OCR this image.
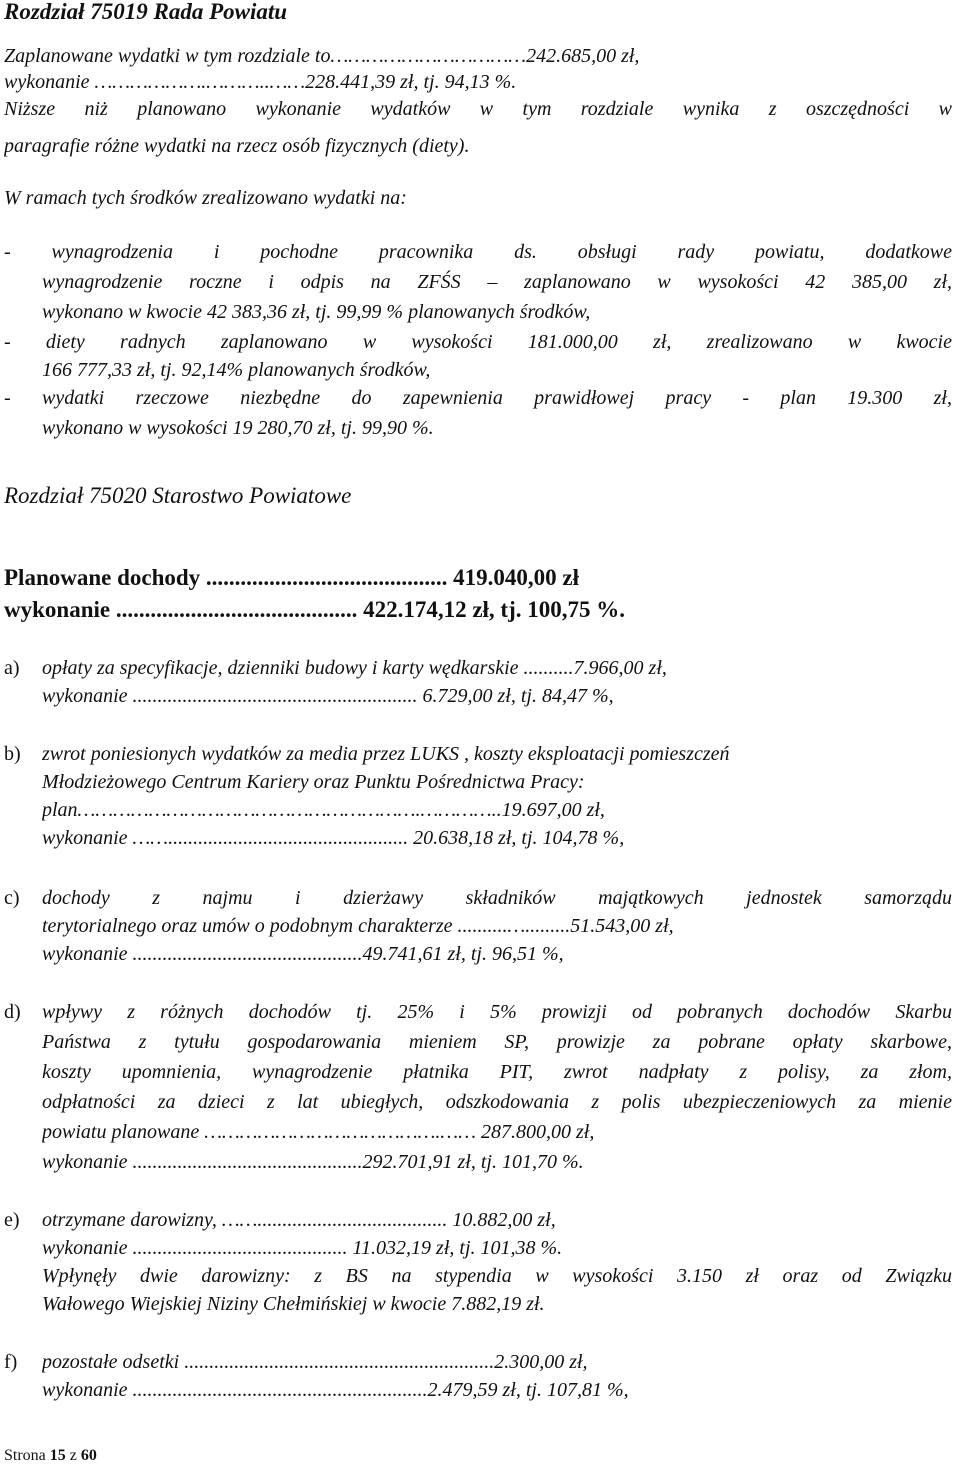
Rozdział 75019 Rada Powiatu
Zaplanowane wydatki w tym rozdziale to……………………………242.685,00 zł,
wykonanie ……………….………..……228.441,39 zł, tj. 94,13 %.
Niższe niż planowano wykonanie wydatków w tym rozdziale wynika z oszczędności w
paragrafie różne wydatki na rzecz osób fizycznych (diety).
W ramach tych środków zrealizowano wydatki na:
- wynagrodzenia i pochodne pracownika ds. obsługi rady powiatu, dodatkowe
wynagrodzenie roczne i odpis na ZFŚS – zaplanowano w wysokości 42 385,00 zł,
wykonano w kwocie 42 383,36 zł, tj. 99,99 % planowanych środków,
- diety radnych zaplanowano w wysokości 181.000,00 zł, zrealizowano w kwocie
166 777,33 zł, tj. 92,14% planowanych środków,
- wydatki rzeczowe niezbędne do zapewnienia prawidłowej pracy - plan 19.300 zł,
wykonano w wysokości 19 280,70 zł, tj. 99,90 %.
Rozdział 75020 Starostwo Powiatowe
Planowane dochody .......................................... 419.040,00 zł
wykonanie .......................................... 422.174,12 zł, tj. 100,75 %.
a) opłaty za specyfikacje, dzienniki budowy i karty wędkarskie ..........7.966,00 zł,
wykonanie ......................................................... 6.729,00 zł, tj. 84,47 %,
b) zwrot poniesionych wydatków za media przez LUKS , koszty eksploatacji pomieszczeń
Młodzieżowego Centrum Kariery oraz Punktu Pośrednictwa Pracy:
plan………………………………………………….…………..19.697,00 zł,
wykonanie ……................................................ 20.638,18 zł, tj. 104,78 %,
c) dochody z najmu i dzierżawy składników majątkowych jednostek samorządu
terytorialnego oraz umów o podobnym charakterze ..........….........51.543,00 zł,
wykonanie ..............................................49.741,61 zł, tj. 96,51 %,
d) wpływy z różnych dochodów tj. 25% i 5% prowizji od pobranych dochodów Skarbu
Państwa z tytułu gospodarowania mieniem SP, prowizje za pobrane opłaty skarbowe,
koszty upomnienia, wynagrodzenie płatnika PIT, zwrot nadpłaty z polisy, za złom,
odpłatności za dzieci z lat ubiegłych, odszkodowania z polis ubezpieczeniowych za mienie
powiatu planowane ………………………………….…… 287.800,00 zł,
wykonanie ..............................................292.701,91 zł, tj. 101,70 %.
e) otrzymane darowizny, ……...................................... 10.882,00 zł,
wykonanie ........................................... 11.032,19 zł, tj. 101,38 %.
Wpłynęły dwie darowizny: z BS na stypendia w wysokości 3.150 zł oraz od Związku
Wałowego Wiejskiej Niziny Chełmińskiej w kwocie 7.882,19 zł.
f) pozostałe odsetki ..............................................................2.300,00 zł,
wykonanie ...........................................................2.479,59 zł, tj. 107,81 %,
Strona 15 z 60
